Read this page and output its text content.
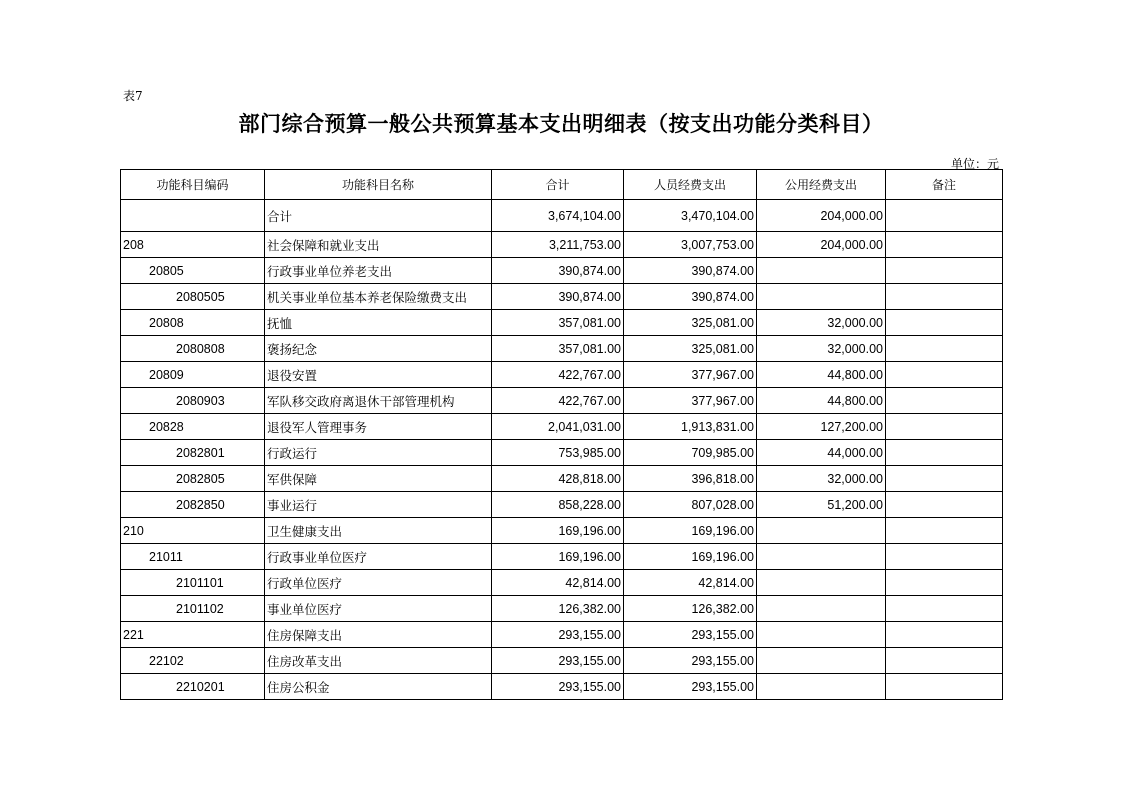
表7
部门综合预算一般公共预算基本支出明细表（按支出功能分类科目）
单位：元
功能科目编码	功能科目名称	合计	人员经费支出	公用经费支出	备注
	合计	3,674,104.00	3,470,104.00	204,000.00	
208	社会保障和就业支出	3,211,753.00	3,007,753.00	204,000.00	
20805	行政事业单位养老支出	390,874.00	390,874.00		
2080505	机关事业单位基本养老保险缴费支出	390,874.00	390,874.00		
20808	抚恤	357,081.00	325,081.00	32,000.00	
2080808	褒扬纪念	357,081.00	325,081.00	32,000.00	
20809	退役安置	422,767.00	377,967.00	44,800.00	
2080903	军队移交政府离退休干部管理机构	422,767.00	377,967.00	44,800.00	
20828	退役军人管理事务	2,041,031.00	1,913,831.00	127,200.00	
2082801	行政运行	753,985.00	709,985.00	44,000.00	
2082805	军供保障	428,818.00	396,818.00	32,000.00	
2082850	事业运行	858,228.00	807,028.00	51,200.00	
210	卫生健康支出	169,196.00	169,196.00		
21011	行政事业单位医疗	169,196.00	169,196.00		
2101101	行政单位医疗	42,814.00	42,814.00		
2101102	事业单位医疗	126,382.00	126,382.00		
221	住房保障支出	293,155.00	293,155.00		
22102	住房改革支出	293,155.00	293,155.00		
2210201	住房公积金	293,155.00	293,155.00		
